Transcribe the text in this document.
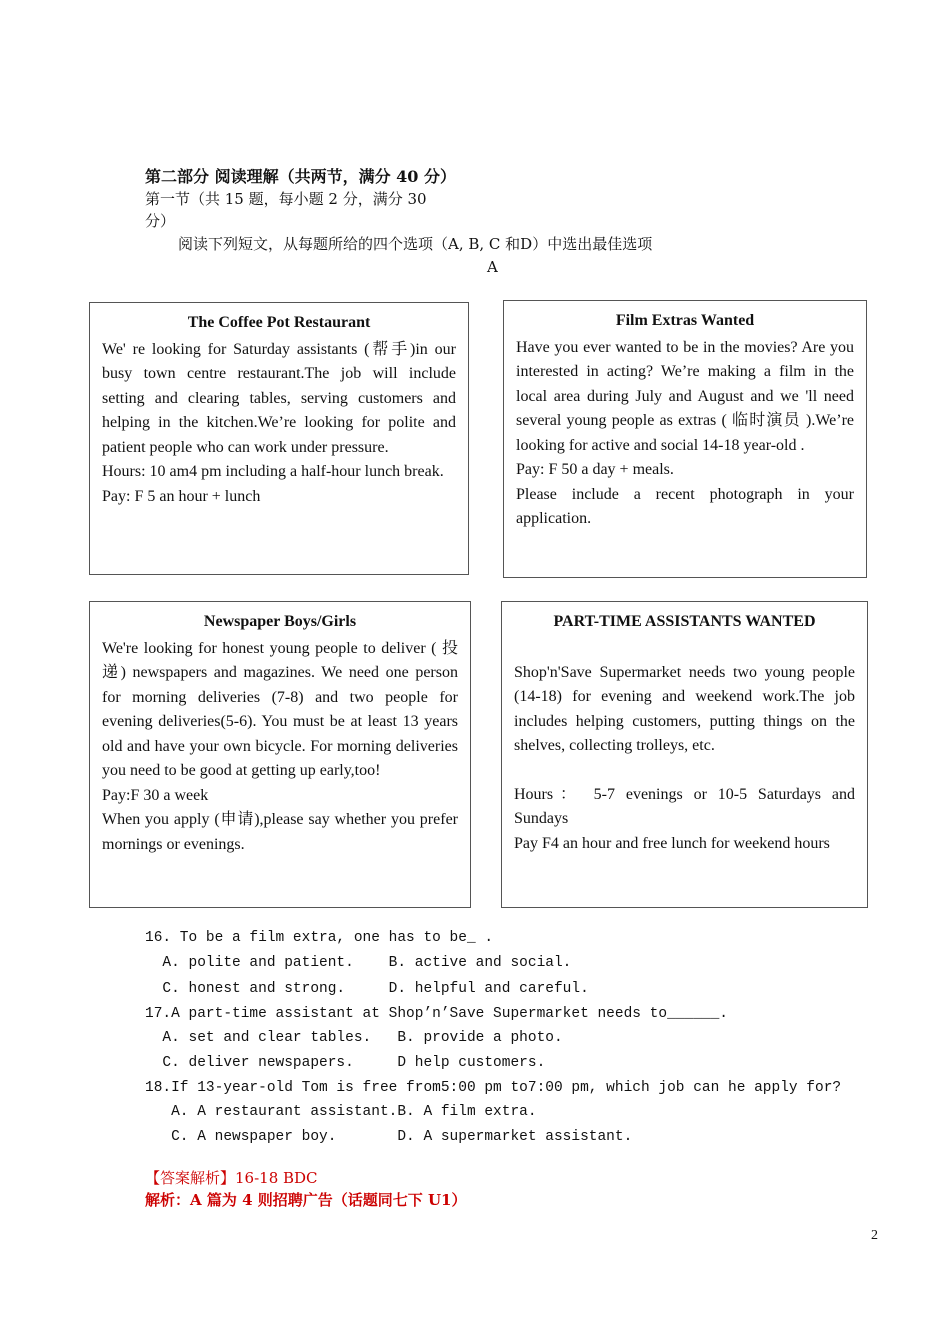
第二部分 阅读理解（共两节，满分 40 分）
第一节（共 15 题，每小题 2 分，满分 30
分）
阅读下列短文，从每题所给的四个选项（A, B, C 和D）中选出最佳选项
A
The Coffee Pot Restaurant

We' re looking for Saturday assistants (帮手)in our busy town centre restaurant.The job will include setting and clearing tables, serving customers and helping in the kitchen.We’re looking for polite and patient people who can work under pressure.

Hours: 10 am4 pm including a half-hour lunch break.

Pay: F 5 an hour + lunch

Film Extras Wanted

Have you ever wanted to be in the movies? Are you interested in acting? We’re making a film in the local area during July and August and we 'll need several young people as extras ( 临时演员 ).We’re looking for active and social 14-18 year-old .

Pay: F 50 a day + meals.

Please include a recent photograph in your application.

Newspaper Boys/Girls

We're looking for honest young people to deliver ( 投递) newspapers and magazines. We need one person for morning deliveries (7-8) and two people for evening deliveries(5-6). You must be at least 13 years old and have your own bicycle. For morning deliveries you need to be good at getting up early,too!

Pay:F 30 a week

When you apply (申请),please say whether you prefer mornings or evenings.

PART-TIME ASSISTANTS WANTED

Shop'n'Save Supermarket needs two young people (14-18) for evening and weekend work.The job includes helping customers, putting things on the shelves, collecting trolleys, etc.

Hours： 5-7 evenings or 10-5 Saturdays and Sundays

Pay F4 an hour and free lunch for weekend hours

16. To be a film extra, one has to be_ .
A. polite and patient.    B. active and social.
C. honest and strong.     D. helpful and careful.
17.A part-time assistant at Shop’n’Save Supermarket needs to______.
A. set and clear tables.   B. provide a photo.
C. deliver newspapers.     D help customers.
18.If 13-year-old Tom is free from5:00 pm to7:00 pm, which job can he apply for?
A. A restaurant assistant.B. A film extra.
C. A newspaper boy.       D. A supermarket assistant.
【答案解析】16-18 BDC
解析：A 篇为 4 则招聘广告（话题同七下 U1）
2
